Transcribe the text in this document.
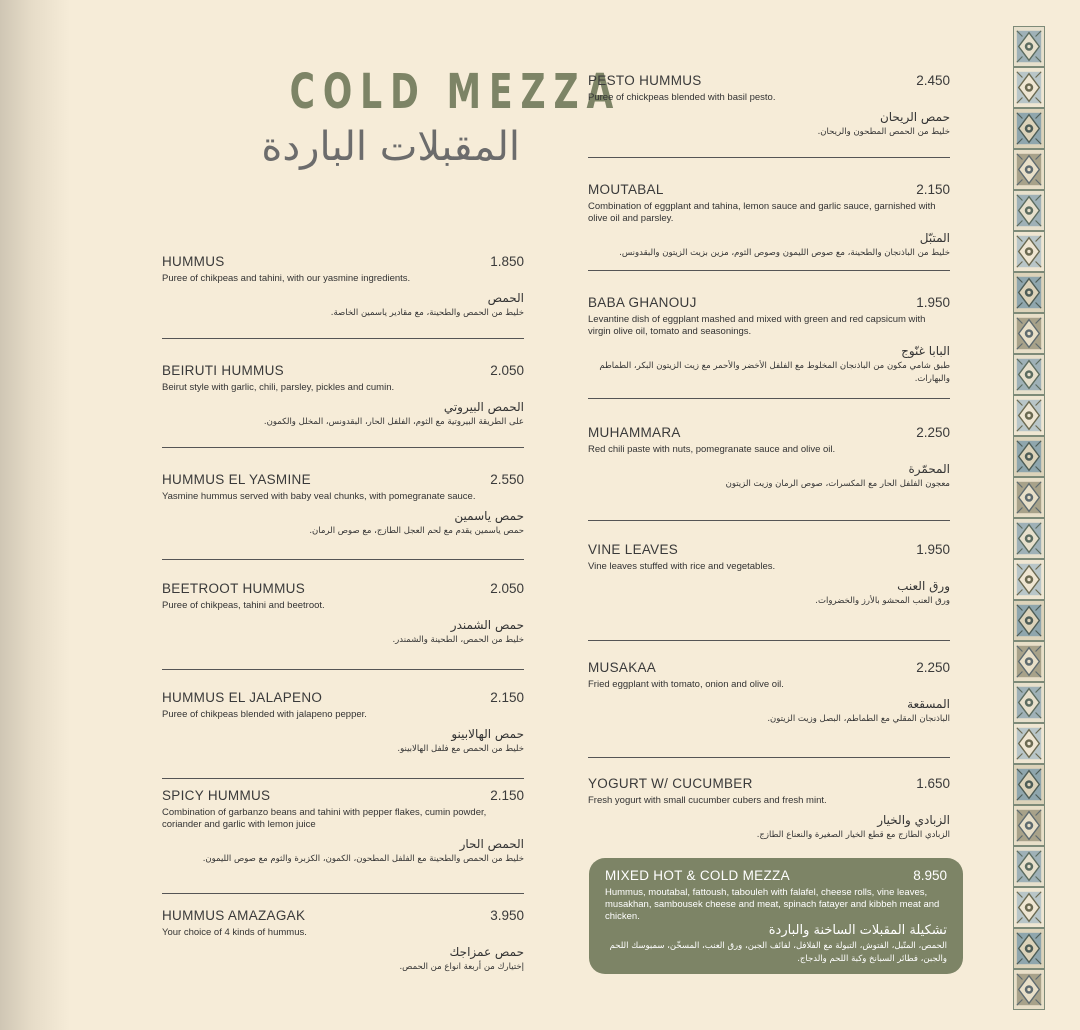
COLD MEZZA
المقبلات الباردة
HUMMUS	1.850
Puree of chikpeas and tahini, with our yasmine ingredients.
الحمص
خليط من الحمص والطحينة، مع مقادير ياسمين الخاصة.
BEIRUTI HUMMUS	2.050
Beirut style with garlic, chili, parsley, pickles and cumin.
الحمص البيروتي
على الطريقة البيروتية مع الثوم، الفلفل الحار، البقدونس، المخلل والكمون.
HUMMUS EL YASMINE	2.550
Yasmine hummus served with baby veal chunks, with pomegranate sauce.
حمص ياسمين
حمص ياسمين يقدم مع لحم العجل الطازج، مع صوص الرمان.
BEETROOT HUMMUS	2.050
Puree of chikpeas, tahini and beetroot.
حمص الشمندر
خليط من الحمص، الطحينة والشمندر.
HUMMUS EL JALAPENO	2.150
Puree of chikpeas blended with jalapeno pepper.
حمص الهالابينو
خليط من الحمص مع فلفل الهالابينو.
SPICY HUMMUS	2.150
Combination of garbanzo beans and tahini with pepper flakes, cumin powder, coriander and garlic with lemon juice
الحمص الحار
خليط من الحمص والطحينة مع الفلفل المطحون، الكمون، الكزبرة والثوم مع صوص الليمون.
HUMMUS AMAZAGAK	3.950
Your choice of 4 kinds of hummus.
حمص عمزاجك
إختيارك من أربعة انواع من الحمص.
PESTO HUMMUS	2.450
Puree of chickpeas blended with basil pesto.
حمص الريحان
خليط من الحمص المطحون والريحان.
MOUTABAL	2.150
Combination of eggplant and tahina, lemon sauce and garlic sauce, garnished with olive oil and parsley.
المتبّل
خليط من الباذنجان والطحينة، مع صوص الليمون وصوص الثوم، مزين بزيت الزيتون والبقدونس.
BABA GHANOUJ	1.950
Levantine dish of eggplant mashed and mixed with green and red capsicum with virgin olive oil, tomato and seasonings.
البابا غنّوج
طبق شامي مكون من الباذنجان المخلوط مع الفلفل الأخضر والأحمر مع زيت الزيتون البكر، الطماطم والبهارات.
MUHAMMARA	2.250
Red chili paste with nuts, pomegranate sauce and olive oil.
المحمّرة
معجون الفلفل الحار مع المكسرات، صوص الرمان وزيت الزيتون
VINE LEAVES	1.950
Vine leaves stuffed with rice and vegetables.
ورق العنب
ورق العنب المحشو بالأرز والخضروات.
MUSAKAA	2.250
Fried eggplant with tomato, onion and olive oil.
المسقعة
الباذنجان المقلي مع الطماطم، البصل وزيت الزيتون.
YOGURT W/ CUCUMBER	1.650
Fresh yogurt with small cucumber cubers and fresh mint.
الزبادي والخيار
الزبادي الطازج مع قطع الخيار الصغيرة والنعناع الطازج.
MIXED HOT & COLD MEZZA	8.950
Hummus, moutabal, fattoush, tabouleh with falafel, cheese rolls, vine leaves, musakhan, sambousek cheese and meat, spinach fatayer and kibbeh meat and chicken.
تشكيلة المقبلات الساخنة والباردة
الحمص، المتّبل، الفتوش، التبولة مع الفلافل، لفائف الجبن، ورق العنب، المسخّن، سمبوسك اللحم والجبن، فطائر السبانخ وكبة اللحم والدجاج.
